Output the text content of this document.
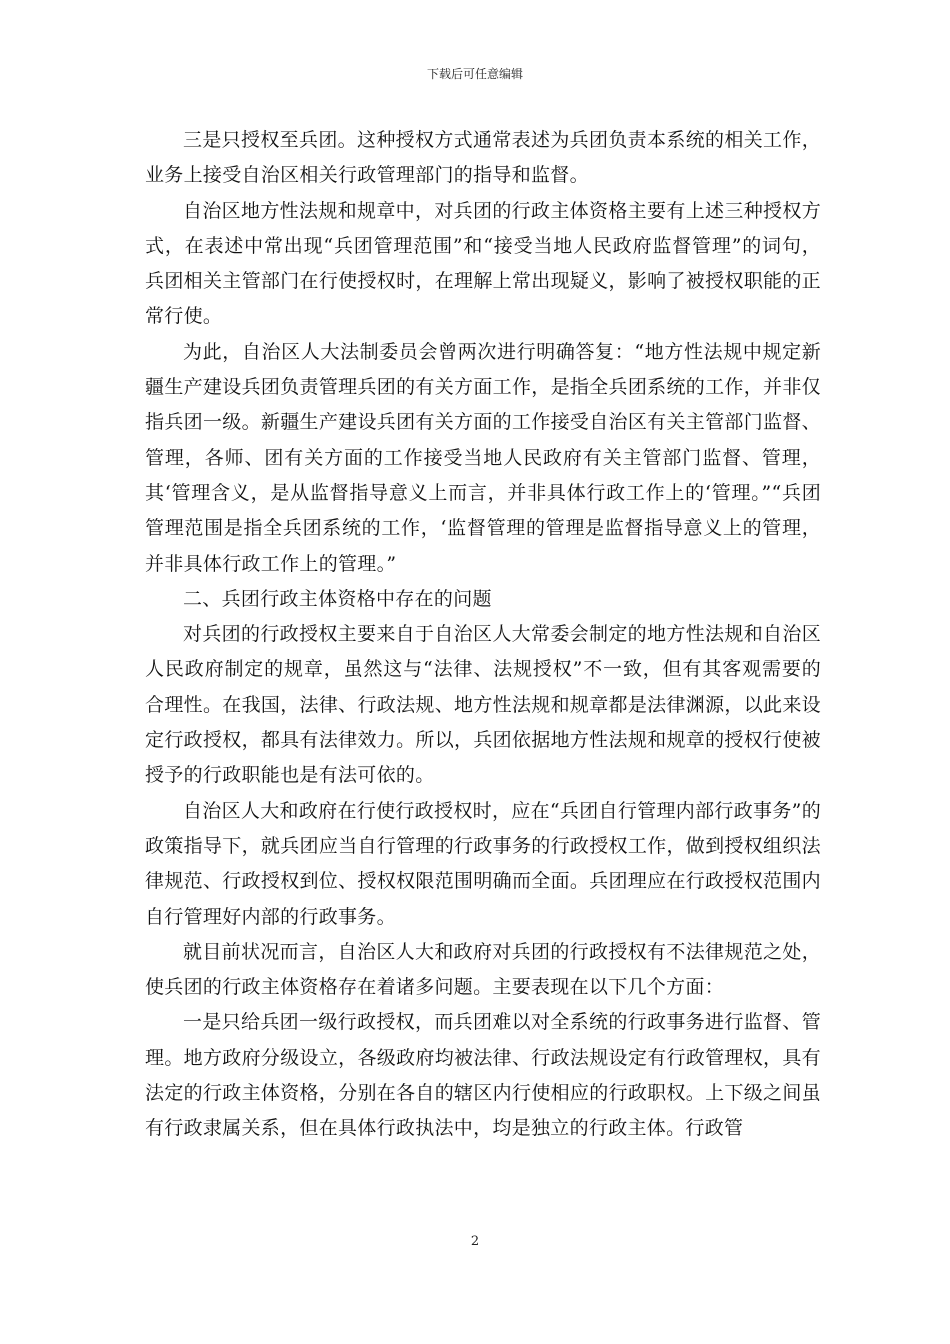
下载后可任意编辑

三是只授权至兵团。这种授权方式通常表述为兵团负责本系统的相关工作，业务上接受自治区相关行政管理部门的指导和监督。

自治区地方性法规和规章中，对兵团的行政主体资格主要有上述三种授权方式，在表述中常出现“兵团管理范围”和“接受当地人民政府监督管理”的词句，兵团相关主管部门在行使授权时，在理解上常出现疑义，影响了被授权职能的正常行使。

为此，自治区人大法制委员会曾两次进行明确答复：“地方性法规中规定新疆生产建设兵团负责管理兵团的有关方面工作，是指全兵团系统的工作，并非仅指兵团一级。新疆生产建设兵团有关方面的工作接受自治区有关主管部门监督、管理，各师、团有关方面的工作接受当地人民政府有关主管部门监督、管理，其‘管理含义，是从监督指导意义上而言，并非具体行政工作上的‘管理。”“兵团管理范围是指全兵团系统的工作，‘监督管理的管理是监督指导意义上的管理，并非具体行政工作上的管理。”

二、兵团行政主体资格中存在的问题

对兵团的行政授权主要来自于自治区人大常委会制定的地方性法规和自治区人民政府制定的规章，虽然这与“法律、法规授权”不一致，但有其客观需要的合理性。在我国，法律、行政法规、地方性法规和规章都是法律渊源，以此来设定行政授权，都具有法律效力。所以，兵团依据地方性法规和规章的授权行使被授予的行政职能也是有法可依的。

自治区人大和政府在行使行政授权时，应在“兵团自行管理内部行政事务”的政策指导下，就兵团应当自行管理的行政事务的行政授权工作，做到授权组织法律规范、行政授权到位、授权权限范围明确而全面。兵团理应在行政授权范围内自行管理好内部的行政事务。

就目前状况而言，自治区人大和政府对兵团的行政授权有不法律规范之处，使兵团的行政主体资格存在着诸多问题。主要表现在以下几个方面：

一是只给兵团一级行政授权，而兵团难以对全系统的行政事务进行监督、管理。地方政府分级设立，各级政府均被法律、行政法规设定有行政管理权，具有法定的行政主体资格，分别在各自的辖区内行使相应的行政职权。上下级之间虽有行政隶属关系，但在具体行政执法中，均是独立的行政主体。行政管

2
